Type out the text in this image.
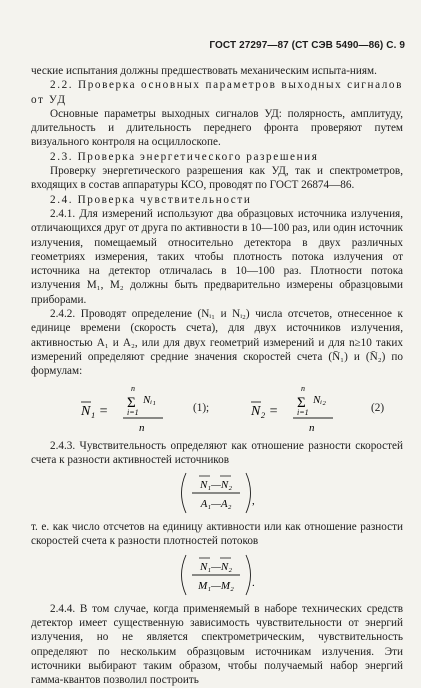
ГОСТ 27297—87 (СТ СЭВ 5490—86) С. 9

ческие испытания должны предшествовать механическим испыта-ниям.

2.2. Проверка основных параметров выходных сигналов от УД

Основные параметры выходных сигналов УД: полярность, амплитуду, длительность и длительность переднего фронта проверяют путем визуального контроля на осциллоскопе.

2.3. Проверка энергетического разрешения

Проверку энергетического разрешения как УД, так и спектрометров, входящих в состав аппаратуры КСО, проводят по ГОСТ 26874—86.

2.4. Проверка чувствительности

2.4.1. Для измерений используют два образцовых источника излучения, отличающихся друг от друга по активности в 10—100 раз, или один источник излучения, помещаемый относительно детектора в двух различных геометриях измерения, таких чтобы плотность потока излучения от источника на детектор отличалась в 10—100 раз. Плотности потока излучения M₁, M₂ должны быть предварительно измерены образцовыми приборами.

2.4.2. Проводят определение (Nᵢ₁ и Nᵢ₂) числа отсчетов, отнесенное к единице времени (скорость счета), для двух источников излучения, активностью A₁ и A₂, или для двух геометрий измерений и для n≥10 таких измерений определяют средние значения скоростей счета (N̄₁) и (N̄₂) по формулам:

N₁ =
n
Σ Nᵢ₁
i=1
n
(1);	N₂ =
n
Σ Nᵢ₂
i=1
n
(2)

2.4.3. Чувствительность определяют как отношение разности скоростей счета к разности активностей источников

N₁—N₂
A₁—A₂ ,

т. е. как число отсчетов на единицу активности или как отношение разности скоростей счета к разности плотностей потоков

N₁—N₂
M₁—M₂ .

2.4.4. В том случае, когда применяемый в наборе технических средств детектор имеет существенную зависимость чувствительности от энергий излучения, но не является спектрометрическим, чувствительность определяют по нескольким образцовым источникам излучения. Эти источники выбирают таким образом, чтобы получаемый набор энергий гамма-квантов позволил построить
